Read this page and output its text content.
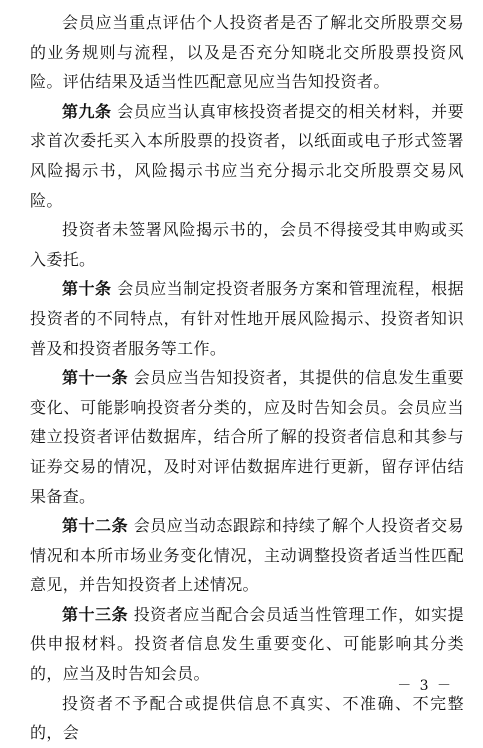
会员应当重点评估个人投资者是否了解北交所股票交易的业务规则与流程，以及是否充分知晓北交所股票投资风险。评估结果及适当性匹配意见应当告知投资者。

第九条 会员应当认真审核投资者提交的相关材料，并要求首次委托买入本所股票的投资者，以纸面或电子形式签署风险揭示书，风险揭示书应当充分揭示北交所股票交易风险。

投资者未签署风险揭示书的，会员不得接受其申购或买入委托。

第十条 会员应当制定投资者服务方案和管理流程，根据投资者的不同特点，有针对性地开展风险揭示、投资者知识普及和投资者服务等工作。

第十一条 会员应当告知投资者，其提供的信息发生重要变化、可能影响投资者分类的，应及时告知会员。会员应当建立投资者评估数据库，结合所了解的投资者信息和其参与证券交易的情况，及时对评估数据库进行更新，留存评估结果备查。

第十二条 会员应当动态跟踪和持续了解个人投资者交易情况和本所市场业务变化情况，主动调整投资者适当性匹配意见，并告知投资者上述情况。

第十三条 投资者应当配合会员适当性管理工作，如实提供申报材料。投资者信息发生重要变化、可能影响其分类的，应当及时告知会员。

投资者不予配合或提供信息不真实、不准确、不完整的，会

－ 3 －
